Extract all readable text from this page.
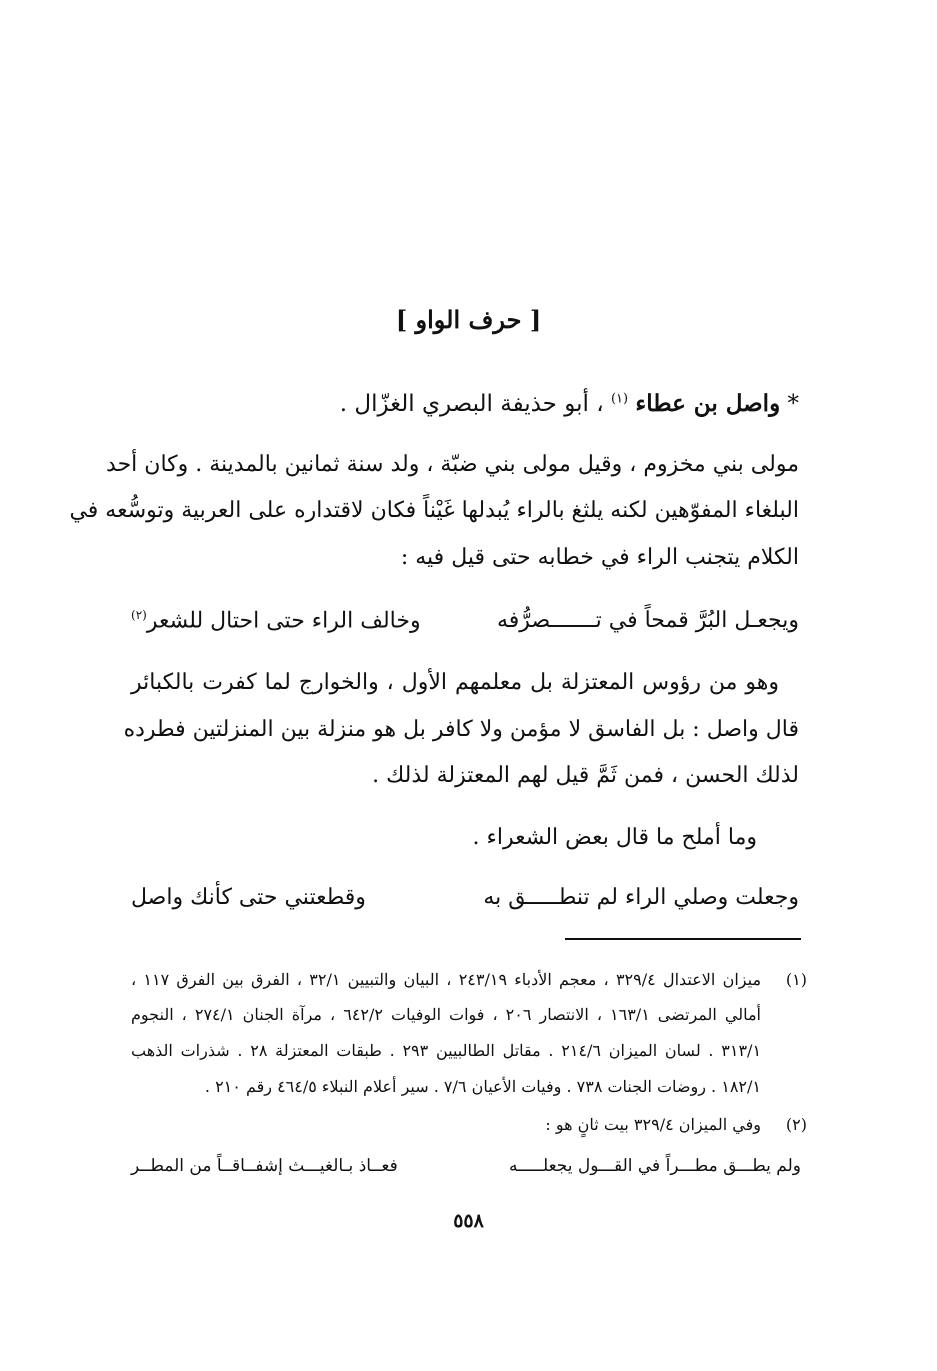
[ حرف الواو ]
* واصل بن عطاء $^{(١)}$ ، أبو حذيفة البصري الغزّال .
مولى بني مخزوم ، وقيل مولى بني ضبّة ، ولد سنة ثمانين بالمدينة . وكان أحد
البلغاء المفوّهين لكنه يلثغ بالراء يُبدلها غَيْناً فكان لاقتداره على العربية وتوسُّعه في
الكلام يتجنب الراء في خطابه حتى قيل فيه :
ويجعـل البُرَّ قمحاً في تـــــــصرُّفه
وخالف الراء حتى احتال للشعر$^{(٢)}$
وهو من رؤوس المعتزلة بل معلمهم الأول ، والخوارج لما كفرت بالكبائر
قال واصل : بل الفاسق لا مؤمن ولا كافر بل هو منزلة بين المنزلتين فطرده
لذلك الحسن ، فمن ثَمَّ قيل لهم المعتزلة لذلك .
وما أملح ما قال بعض الشعراء .
وجعلت وصلي الراء لم تنطـــــق به
وقطعتني حتى كأنك واصل
(١)
ميزان الاعتدال ٣٢٩/٤ ، معجم الأدباء ٢٤٣/١٩ ، البيان والتبيين ٣٢/١ ، الفرق بين الفرق ١١٧ ،
أمالي المرتضى ١٦٣/١ ، الانتصار ٢٠٦ ، فوات الوفيات ٦٤٢/٢ ، مرآة الجنان ٢٧٤/١ ، النجوم
٣١٣/١ . لسان الميزان ٢١٤/٦ . مقاتل الطالبيين ٢٩٣ . طبقات المعتزلة ٢٨ . شذرات الذهب
١٨٢/١ . روضات الجنات ٧٣٨ . وفيات الأعيان ٧/٦ . سير أعلام النبلاء ٤٦٤/٥ رقم ٢١٠ .
(٢)
وفي الميزان ٣٢٩/٤ بيت ثانٍ هو :
ولم يطـــق مطـــراً في القـــول يجعلـــــه
فعــاذ بـالغيـــث إشفــاقــاً من المطــر
٥٥٨
